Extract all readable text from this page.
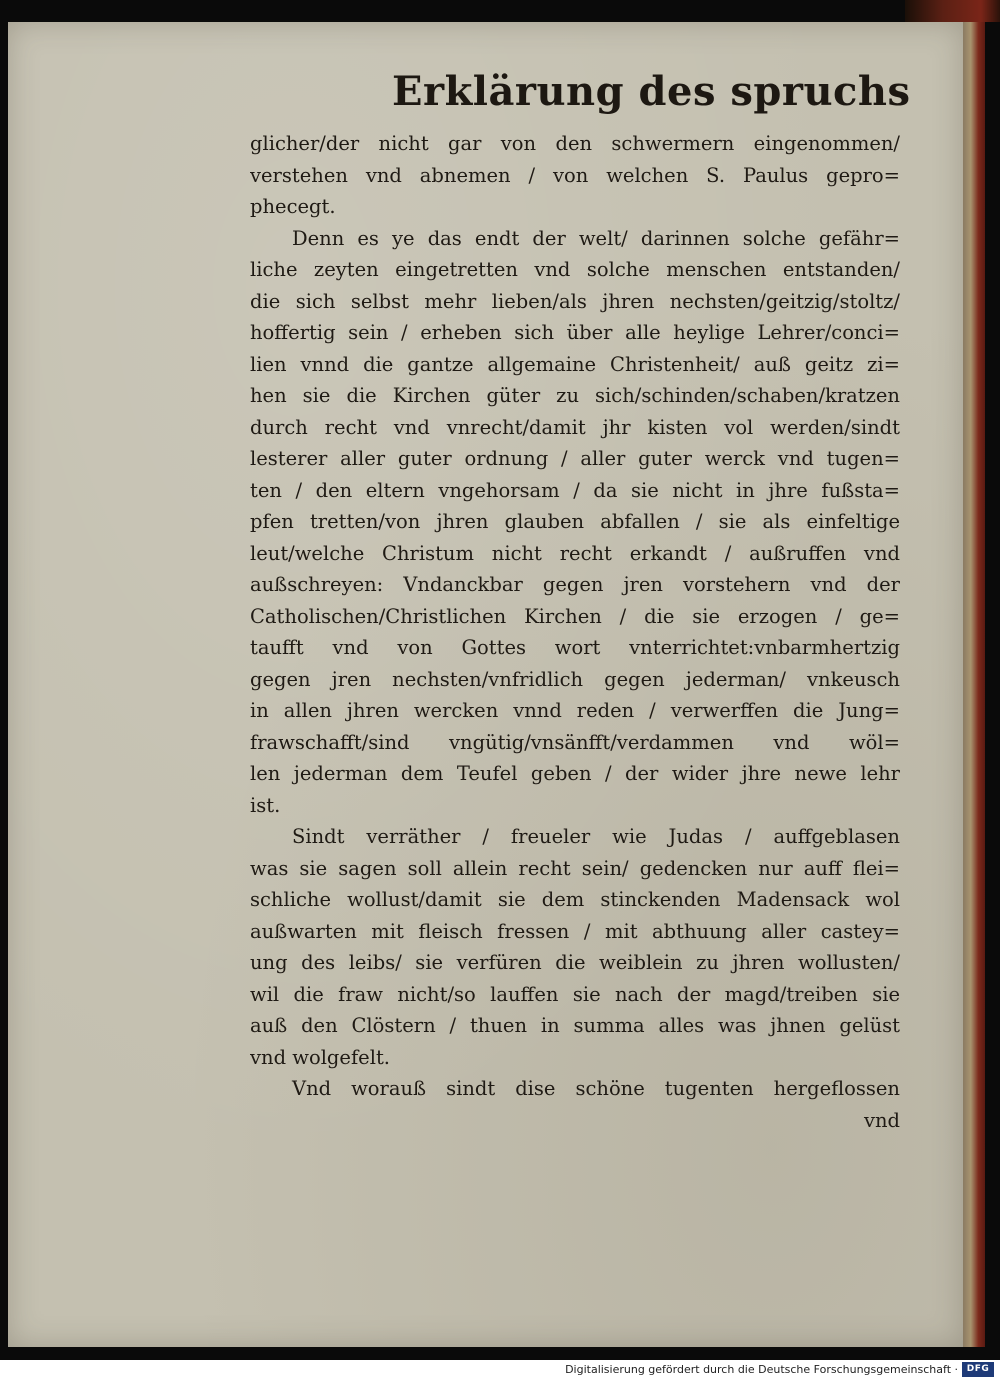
Erklärung des spruchs
glicher/der nicht gar von den schwermern eingenommen/
verstehen vnd abnemen / von welchen S. Paulus gepro=
phecegt.
Denn es ye das endt der welt/ darinnen solche gefähr=
liche zeyten eingetretten vnd solche menschen entstanden/
die sich selbst mehr lieben/als jhren nechsten/geitzig/stoltz/
hoffertig sein / erheben sich über alle heylige Lehrer/conci=
lien vnnd die gantze allgemaine Christenheit/ auß geitz zi=
hen sie die Kirchen güter zu sich/schinden/schaben/kratzen
durch recht vnd vnrecht/damit jhr kisten vol werden/sindt
lesterer aller guter ordnung / aller guter werck vnd tugen=
ten / den eltern vngehorsam / da sie nicht in jhre fußsta=
pfen tretten/von jhren glauben abfallen / sie als einfeltige
leut/welche Christum nicht recht erkandt / außruffen vnd
außschreyen: Vndanckbar gegen jren vorstehern vnd der
Catholischen/Christlichen Kirchen / die sie erzogen / ge=
taufft vnd von Gottes wort vnterrichtet:vnbarmhertzig
gegen jren nechsten/vnfridlich gegen jederman/ vnkeusch
in allen jhren wercken vnnd reden / verwerffen die Jung=
frawschafft/sind vngütig/vnsänfft/verdammen vnd wöl=
len jederman dem Teufel geben / der wider jhre newe lehr
ist.
Sindt verräther / freueler wie Judas / auffgeblasen
was sie sagen soll allein recht sein/ gedencken nur auff flei=
schliche wollust/damit sie dem stinckenden Madensack wol
außwarten mit fleisch fressen / mit abthuung aller castey=
ung des leibs/ sie verfüren die weiblein zu jhren wollusten/
wil die fraw nicht/so lauffen sie nach der magd/treiben sie
auß den Clöstern / thuen in summa alles was jhnen gelüst
vnd wolgefelt.
Vnd worauß sindt dise schöne tugenten hergeflossen
vnd
Digitalisierung gefördert durch die Deutsche Forschungsgemeinschaft · DFG
